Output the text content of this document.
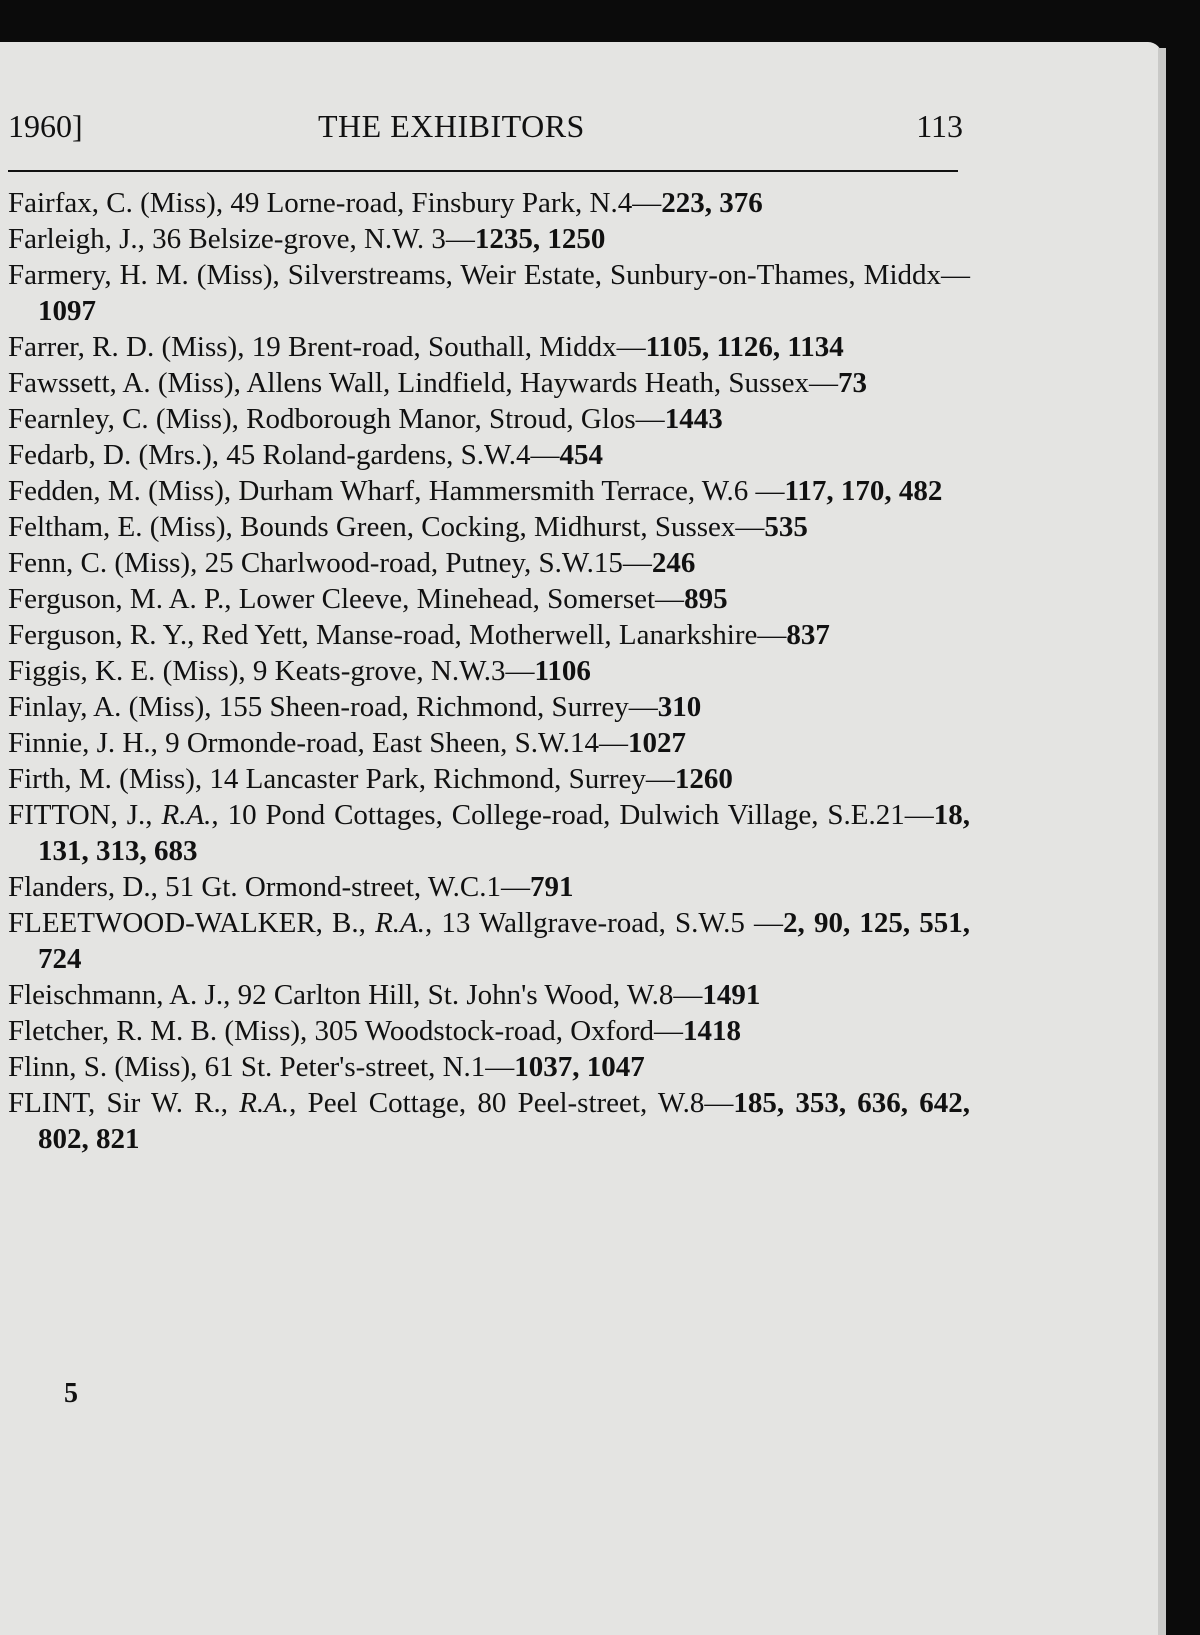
1960]	THE EXHIBITORS	113

Fairfax, C. (Miss), 49 Lorne-road, Finsbury Park, N.4—223, 376

Farleigh, J., 36 Belsize-grove, N.W. 3—1235, 1250

Farmery, H. M. (Miss), Silverstreams, Weir Estate, Sunbury-on-Thames, Middx—1097

Farrer, R. D. (Miss), 19 Brent-road, Southall, Middx—1105, 1126, 1134

Fawssett, A. (Miss), Allens Wall, Lindfield, Haywards Heath, Sussex—73

Fearnley, C. (Miss), Rodborough Manor, Stroud, Glos—1443

Fedarb, D. (Mrs.), 45 Roland-gardens, S.W.4—454

Fedden, M. (Miss), Durham Wharf, Hammersmith Terrace, W.6 —117, 170, 482

Feltham, E. (Miss), Bounds Green, Cocking, Midhurst, Sussex—535

Fenn, C. (Miss), 25 Charlwood-road, Putney, S.W.15—246

Ferguson, M. A. P., Lower Cleeve, Minehead, Somerset—895

Ferguson, R. Y., Red Yett, Manse-road, Motherwell, Lanarkshire—837

Figgis, K. E. (Miss), 9 Keats-grove, N.W.3—1106

Finlay, A. (Miss), 155 Sheen-road, Richmond, Surrey—310

Finnie, J. H., 9 Ormonde-road, East Sheen, S.W.14—1027

Firth, M. (Miss), 14 Lancaster Park, Richmond, Surrey—1260

FITTON, J., R.A., 10 Pond Cottages, College-road, Dulwich Village, S.E.21—18, 131, 313, 683

Flanders, D., 51 Gt. Ormond-street, W.C.1—791

FLEETWOOD-WALKER, B., R.A., 13 Wallgrave-road, S.W.5 —2, 90, 125, 551, 724

Fleischmann, A. J., 92 Carlton Hill, St. John's Wood, W.8—1491

Fletcher, R. M. B. (Miss), 305 Woodstock-road, Oxford—1418

Flinn, S. (Miss), 61 St. Peter's-street, N.1—1037, 1047

FLINT, Sir W. R., R.A., Peel Cottage, 80 Peel-street, W.8—185, 353, 636, 642, 802, 821

5
